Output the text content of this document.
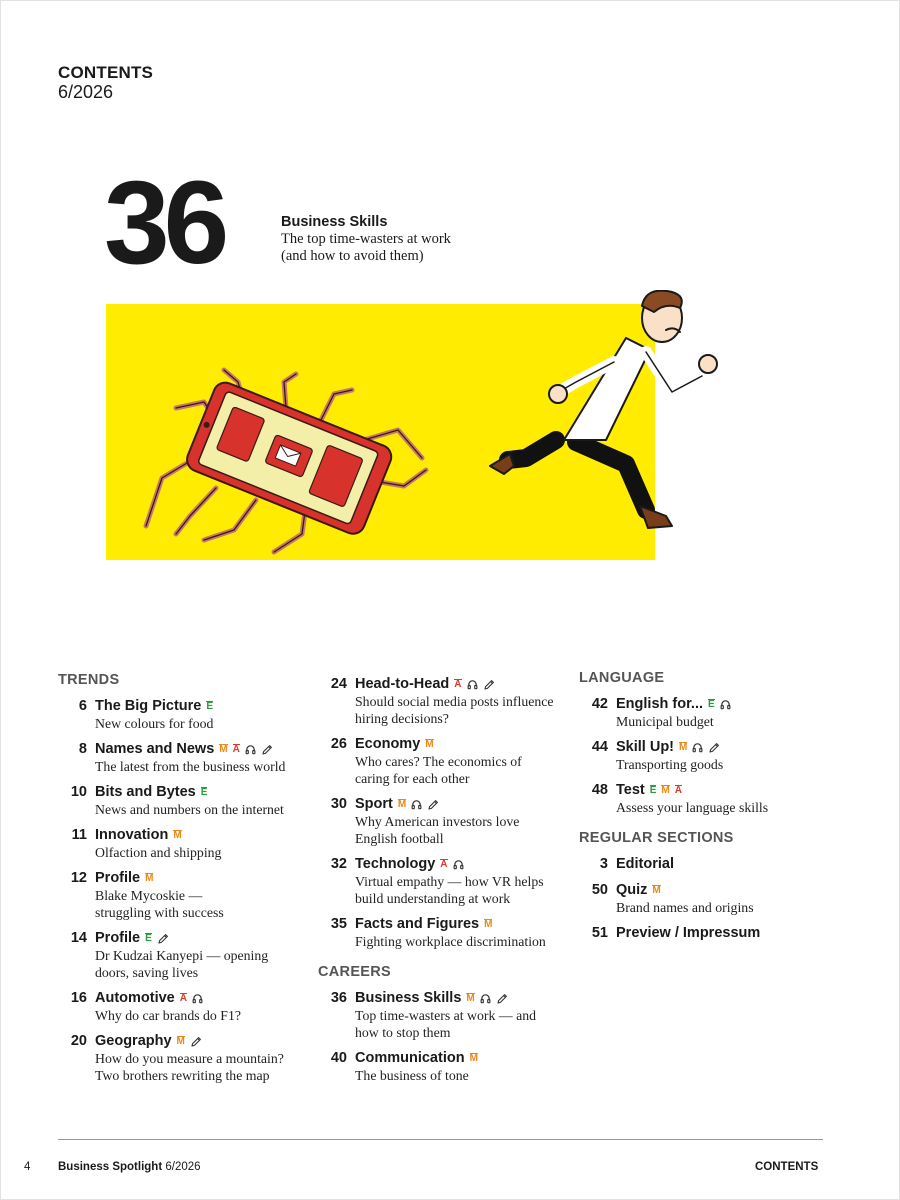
CONTENTS
6/2026
36	Business Skills
The top time-wasters at work
(and how to avoid them)
TRENDS
6 The Big Picture E
New colours for food
8 Names and News M A
The latest from the business world
10 Bits and Bytes E
News and numbers on the internet
11 Innovation M
Olfaction and shipping
12 Profile M
Blake Mycoskie —
struggling with success
14 Profile E
Dr Kudzai Kanyepi — opening
doors, saving lives
16 Automotive A
Why do car brands do F1?
20 Geography M
How do you measure a mountain?
Two brothers rewriting the map
24 Head-to-Head A
Should social media posts influence
hiring decisions?
26 Economy M
Who cares? The economics of
caring for each other
30 Sport M
Why American investors love
English football
32 Technology A
Virtual empathy — how VR helps
build understanding at work
35 Facts and Figures M
Fighting workplace discrimination
CAREERS
36 Business Skills M
Top time-wasters at work — and
how to stop them
40 Communication M
The business of tone
LANGUAGE
42 English for... E
Municipal budget
44 Skill Up! M
Transporting goods
48 Test E M A
Assess your language skills
REGULAR SECTIONS
3 Editorial
50 Quiz M
Brand names and origins
51 Preview / Impressum
4 Business Spotlight 6/2026	CONTENTS
